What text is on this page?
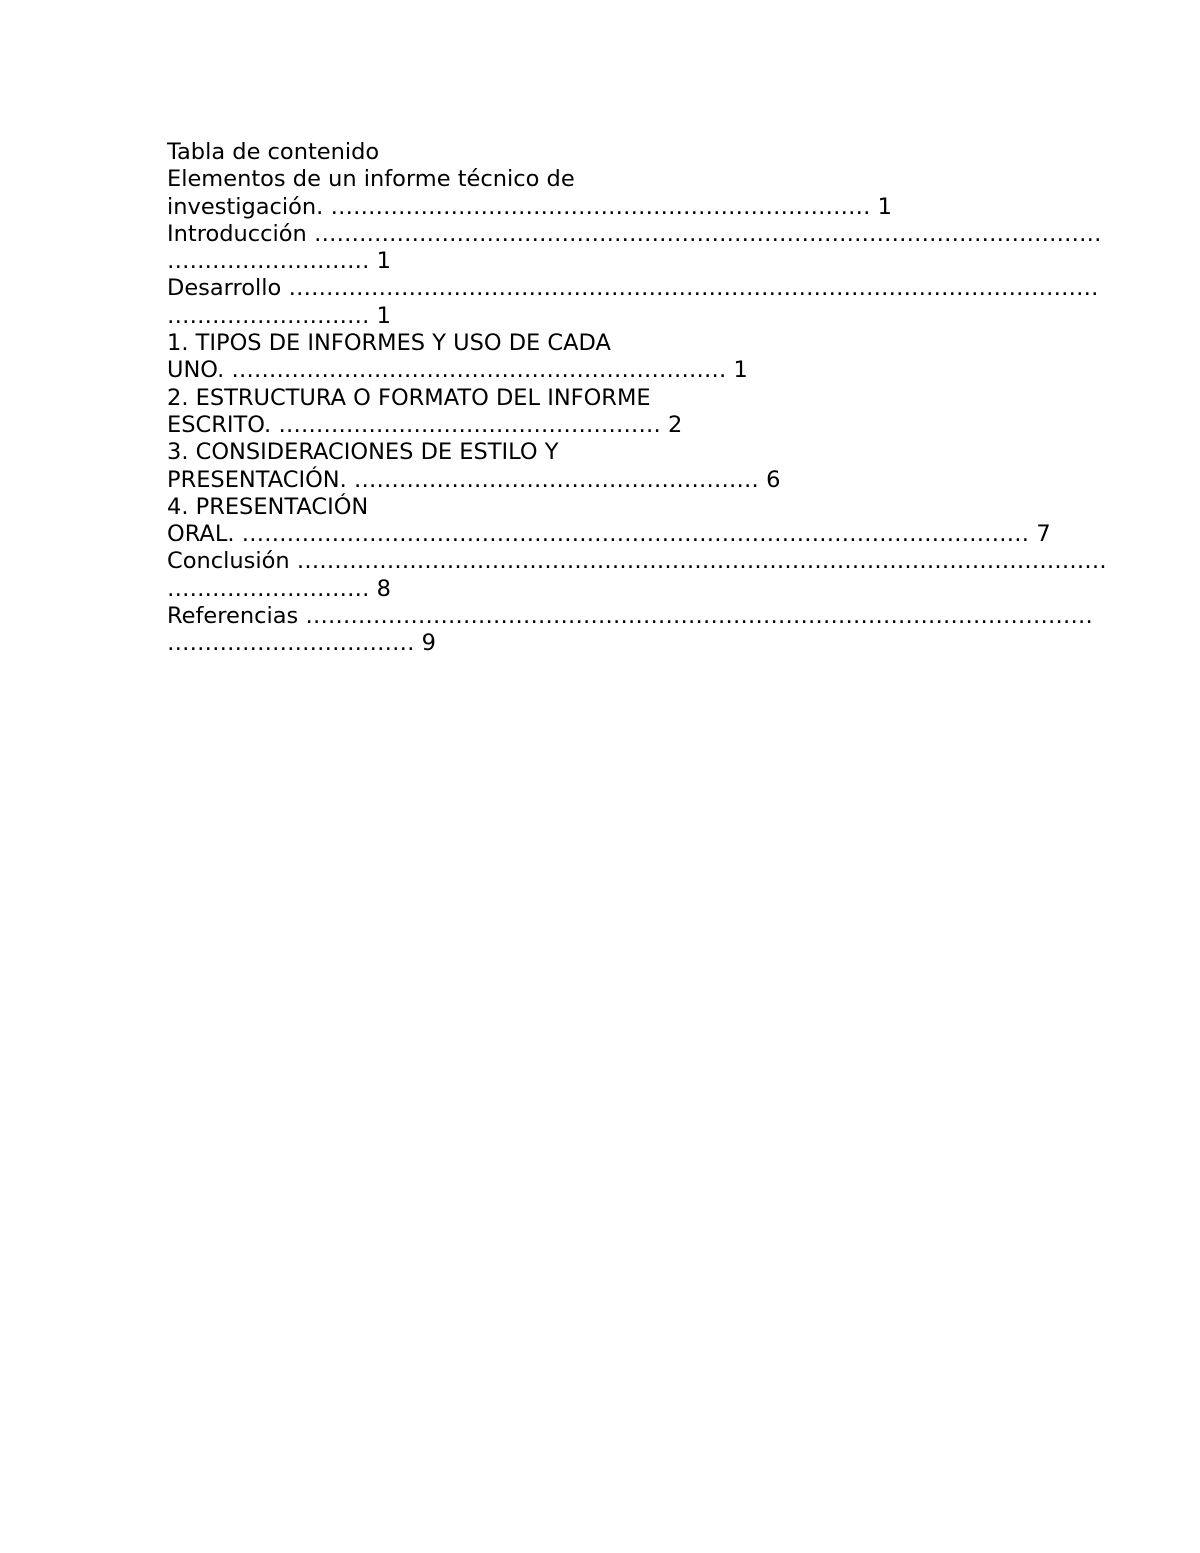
Tabla de contenido
Elementos de un informe técnico de
investigación. ……………………………………………………………… 1
Introducción ……………………………………………………………………………………………
……………………… 1
Desarrollo ………………………………………………………………………………………………
……………………… 1
1. TIPOS DE INFORMES Y USO DE CADA
UNO. ………………………………………………………… 1
2. ESTRUCTURA O FORMATO DEL INFORME
ESCRITO. …………………………………………… 2
3. CONSIDERACIONES DE ESTILO Y
PRESENTACIÓN. ……………………………………………… 6
4. PRESENTACIÓN
ORAL. …………………………………………………………………………………………… 7
Conclusión ………………………………………………………………………………………………
……………………… 8
Referencias ……………………………………………………………………………………………
…………………………… 9
